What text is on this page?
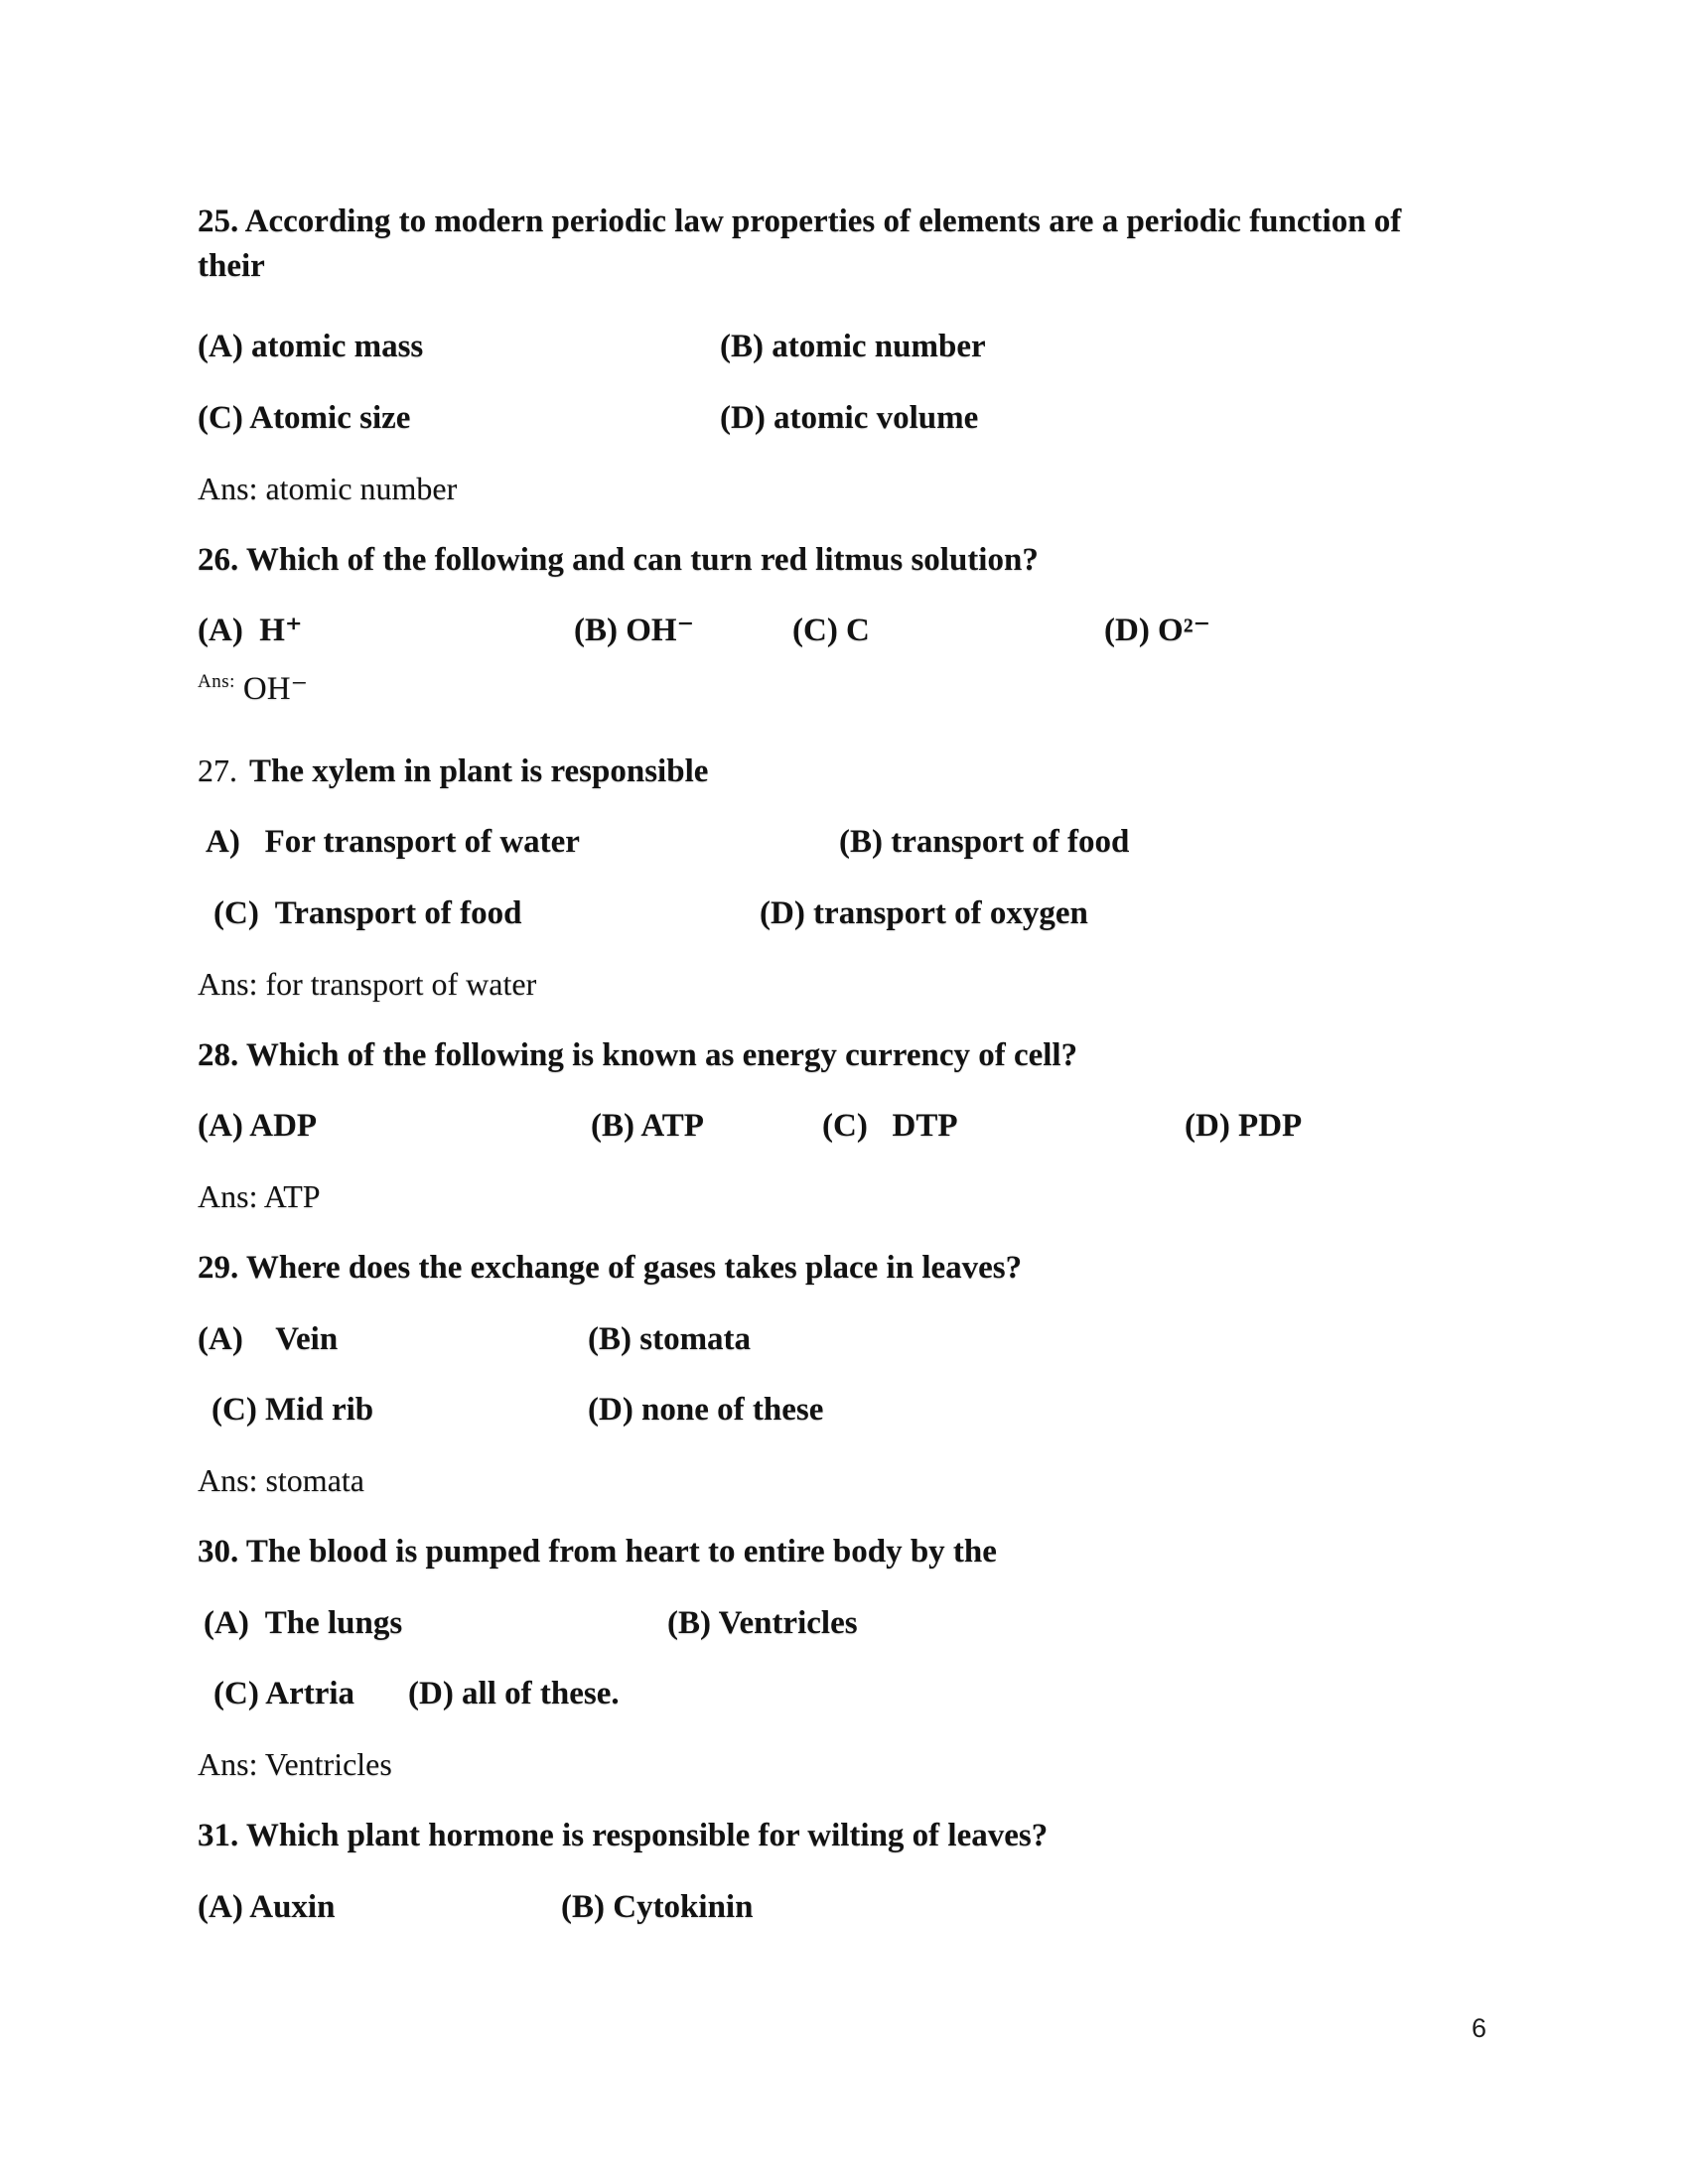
25. According to modern periodic law properties of elements are a periodic function of
their
(A) atomic mass	(B) atomic number
(C) Atomic size	(D) atomic volume
Ans: atomic number
26. Which of the following and can turn red litmus solution?
(A)  H⁺	(B) OH⁻	(C) C	(D) O²⁻
$^{Ans:}$ OH⁻
27. The xylem in plant is responsible
A)   For transport of water	(B) transport of food
(C)  Transport of food	(D) transport of oxygen
Ans: for transport of water
28. Which of the following is known as energy currency of cell?
(A) ADP	(B) ATP	(C)   DTP	(D) PDP
Ans: ATP
29. Where does the exchange of gases takes place in leaves?
(A)    Vein	(B) stomata
(C) Mid rib	(D) none of these
Ans: stomata
30. The blood is pumped from heart to entire body by the
(A)  The lungs	(B) Ventricles
(C) Artria (D) all of these.
Ans: Ventricles
31. Which plant hormone is responsible for wilting of leaves?
(A) Auxin	(B) Cytokinin
6
